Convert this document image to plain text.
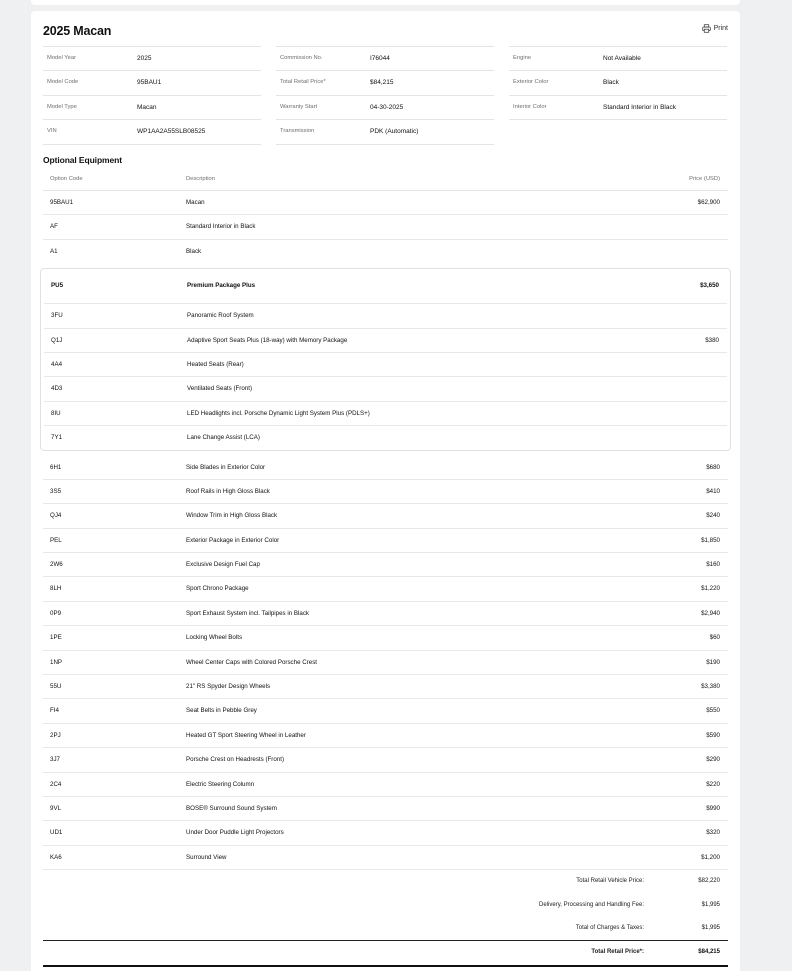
2025 Macan	Print
Model Year	2025
Model Code	95BAU1
Model Type	Macan
VIN	WP1AA2A55SLB08525
Commission No.	I76044
Total Retail Price*	$84,215
Warranty Start	04-30-2025
Transmission	PDK (Automatic)
Engine	Not Available
Exterior Color	Black
Interior Color	Standard Interior in Black
Optional Equipment
Option Code	Description	Price (USD)
95BAU1	Macan	$62,900
AF	Standard Interior in Black
A1	Black
PU5	Premium Package Plus	$3,650
3FU	Panoramic Roof System
Q1J	Adaptive Sport Seats Plus (18-way) with Memory Package	$380
4A4	Heated Seats (Rear)
4D3	Ventilated Seats (Front)
8IU	LED Headlights incl. Porsche Dynamic Light System Plus (PDLS+)
7Y1	Lane Change Assist (LCA)
6H1	Side Blades in Exterior Color	$680
3S5	Roof Rails in High Gloss Black	$410
QJ4	Window Trim in High Gloss Black	$240
PEL	Exterior Package in Exterior Color	$1,850
2W6	Exclusive Design Fuel Cap	$160
8LH	Sport Chrono Package	$1,220
0P9	Sport Exhaust System incl. Tailpipes in Black	$2,940
1PE	Locking Wheel Bolts	$60
1NP	Wheel Center Caps with Colored Porsche Crest	$190
55U	21" RS Spyder Design Wheels	$3,380
FI4	Seat Belts in Pebble Grey	$550
2PJ	Heated GT Sport Steering Wheel in Leather	$590
3J7	Porsche Crest on Headrests (Front)	$290
2C4	Electric Steering Column	$220
9VL	BOSE® Surround Sound System	$990
UD1	Under Door Puddle Light Projectors	$320
KA6	Surround View	$1,200
Total Retail Vehicle Price:	$82,220
Delivery, Processing and Handling Fee:	$1,995
Total of Charges & Taxes:	$1,995
Total Retail Price*:	$84,215
